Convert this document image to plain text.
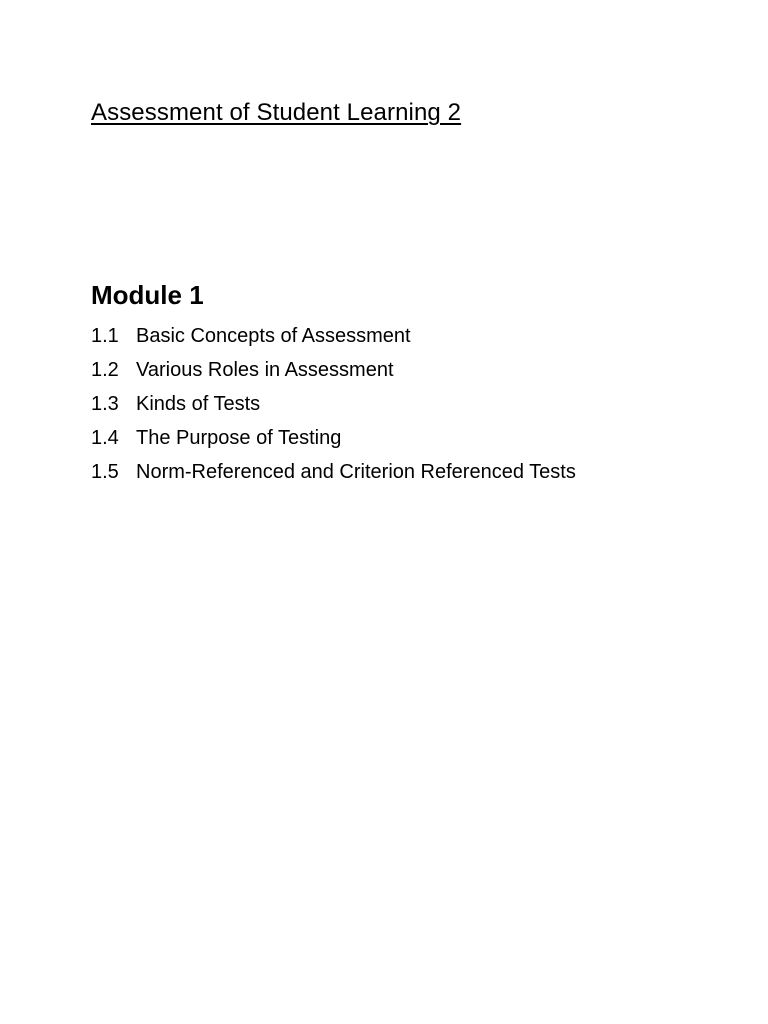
Assessment of Student Learning 2
Module 1
1.1 Basic Concepts of Assessment
1.2 Various Roles in Assessment
1.3 Kinds of Tests
1.4 The Purpose of Testing
1.5 Norm-Referenced and Criterion Referenced Tests
